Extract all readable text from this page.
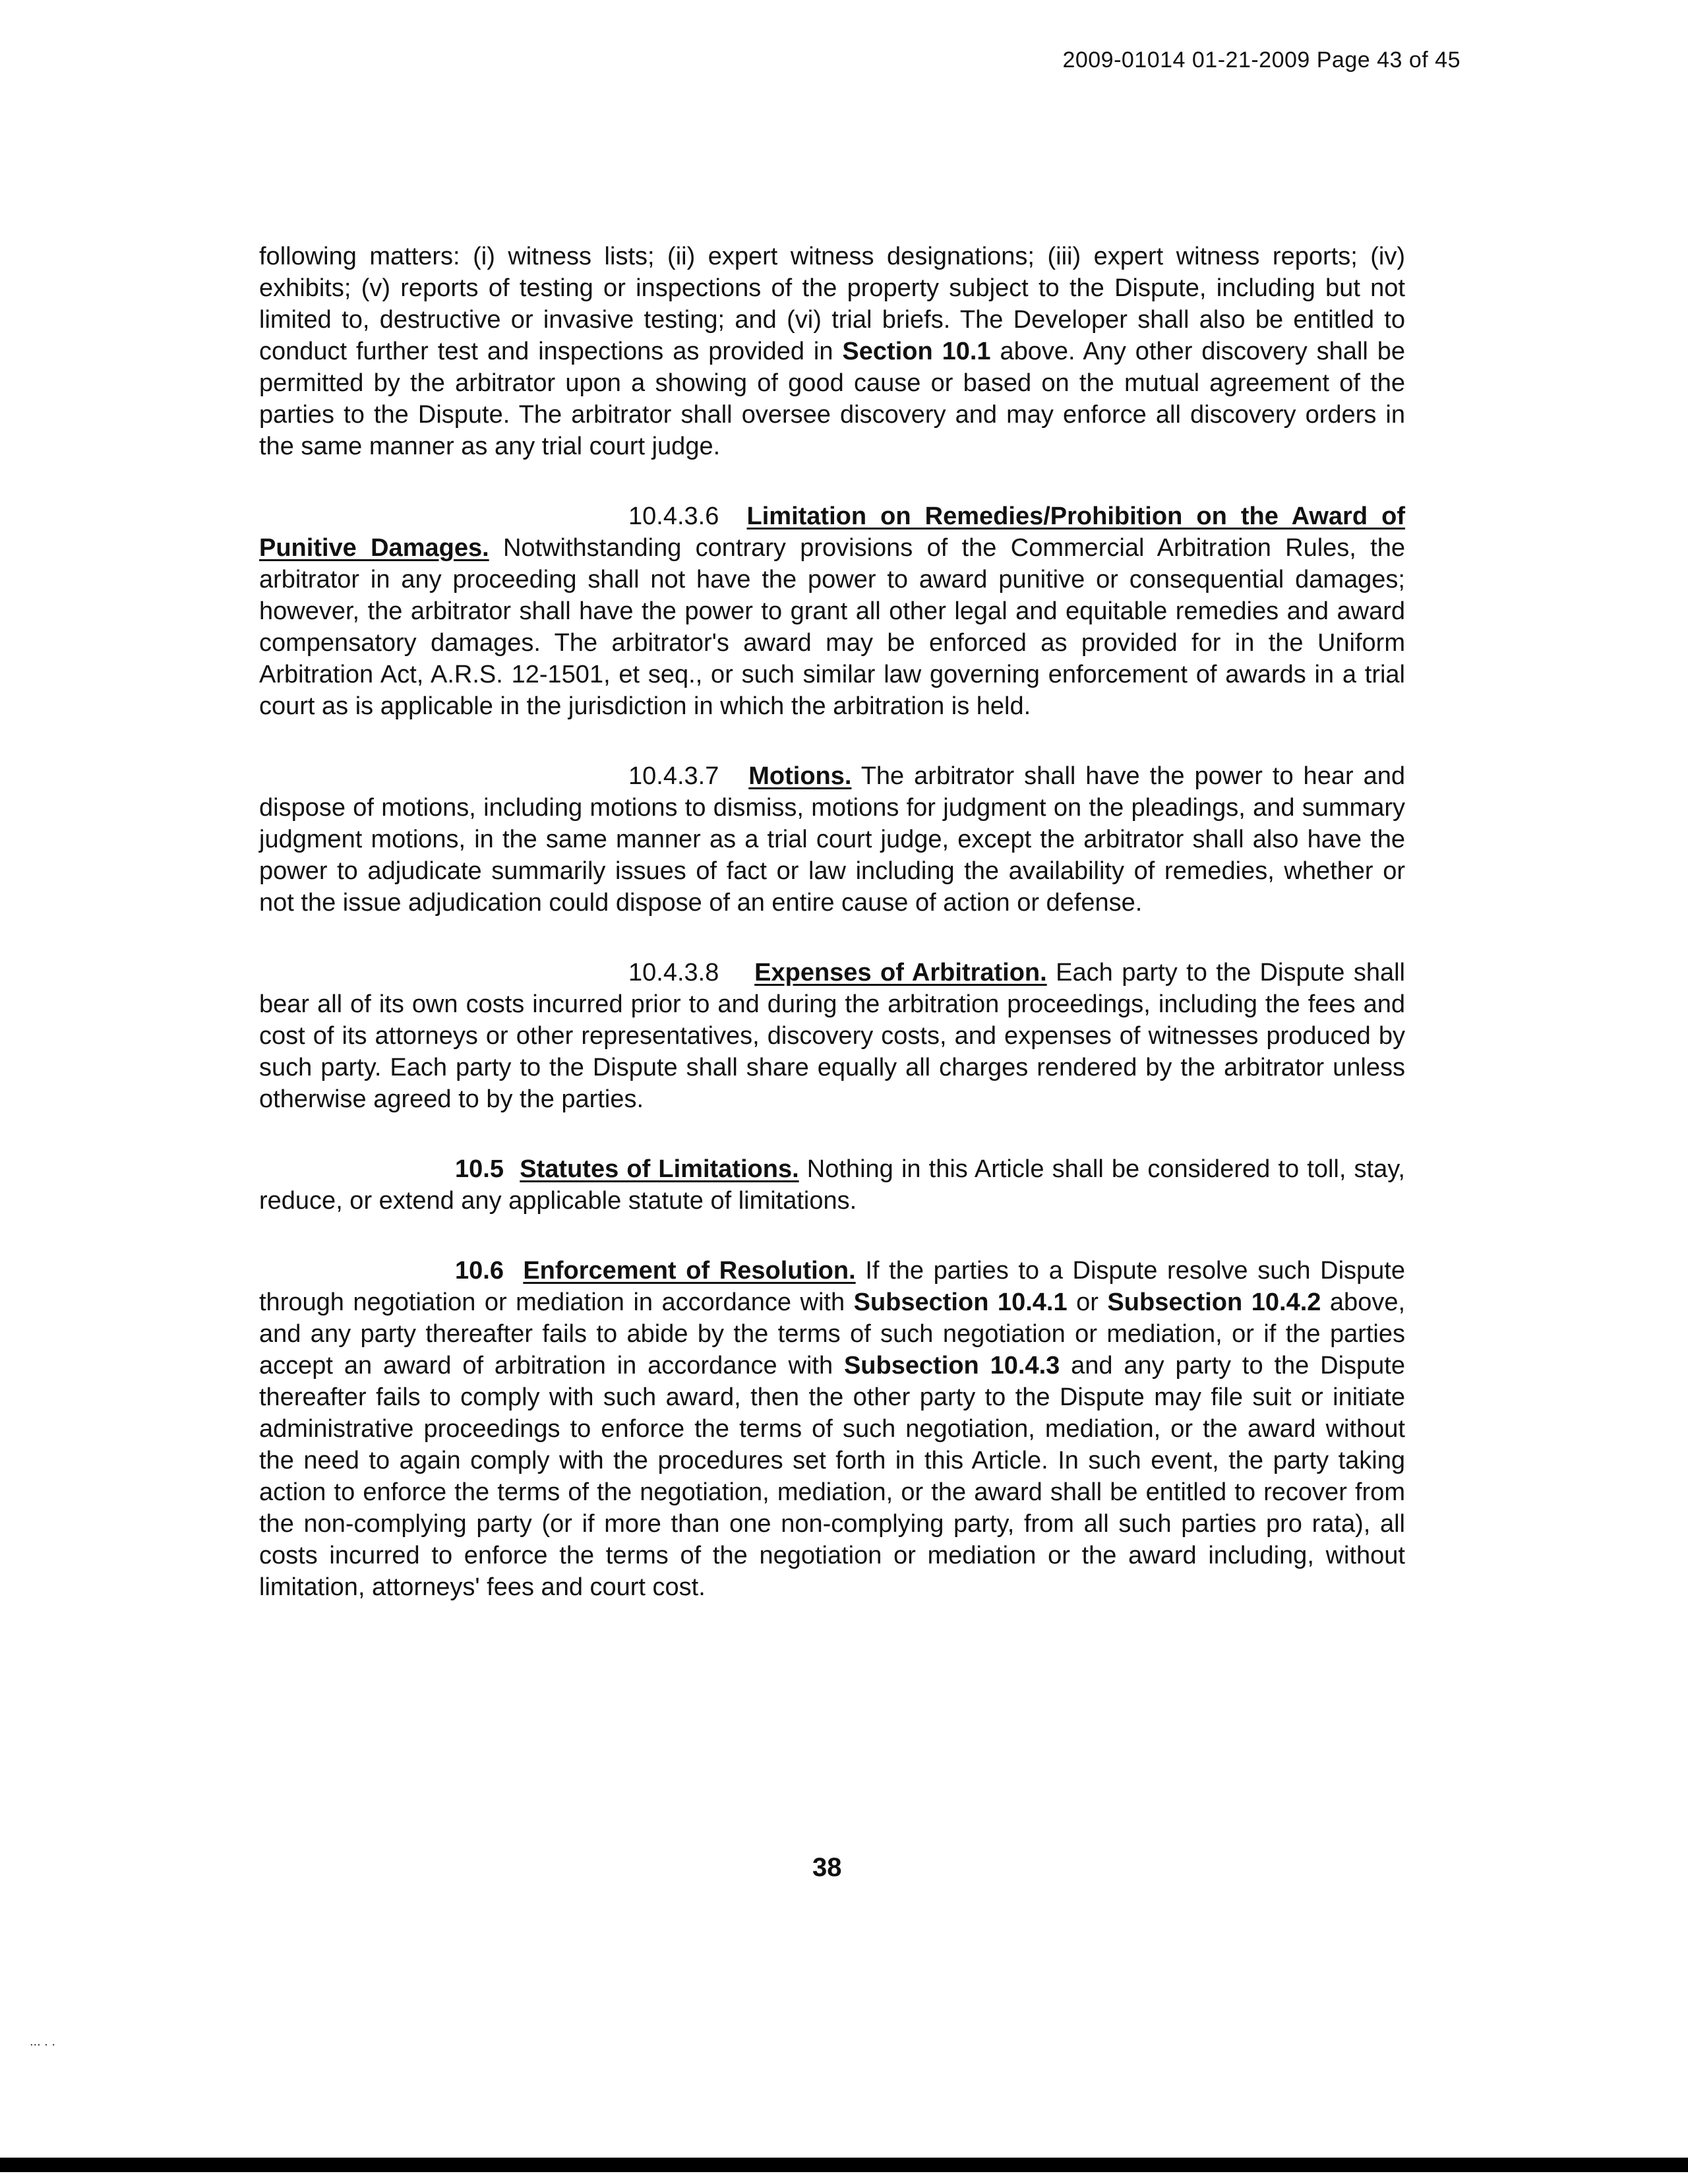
2009-01014 01-21-2009 Page 43 of 45

following matters: (i) witness lists; (ii) expert witness designations; (iii) expert witness reports; (iv) exhibits; (v) reports of testing or inspections of the property subject to the Dispute, including but not limited to, destructive or invasive testing; and (vi) trial briefs. The Developer shall also be entitled to conduct further test and inspections as provided in Section 10.1 above. Any other discovery shall be permitted by the arbitrator upon a showing of good cause or based on the mutual agreement of the parties to the Dispute. The arbitrator shall oversee discovery and may enforce all discovery orders in the same manner as any trial court judge.

10.4.3.6 Limitation on Remedies/Prohibition on the Award of Punitive Damages. Notwithstanding contrary provisions of the Commercial Arbitration Rules, the arbitrator in any proceeding shall not have the power to award punitive or consequential damages; however, the arbitrator shall have the power to grant all other legal and equitable remedies and award compensatory damages. The arbitrator's award may be enforced as provided for in the Uniform Arbitration Act, A.R.S. 12-1501, et seq., or such similar law governing enforcement of awards in a trial court as is applicable in the jurisdiction in which the arbitration is held.

10.4.3.7 Motions. The arbitrator shall have the power to hear and dispose of motions, including motions to dismiss, motions for judgment on the pleadings, and summary judgment motions, in the same manner as a trial court judge, except the arbitrator shall also have the power to adjudicate summarily issues of fact or law including the availability of remedies, whether or not the issue adjudication could dispose of an entire cause of action or defense.

10.4.3.8 Expenses of Arbitration. Each party to the Dispute shall bear all of its own costs incurred prior to and during the arbitration proceedings, including the fees and cost of its attorneys or other representatives, discovery costs, and expenses of witnesses produced by such party. Each party to the Dispute shall share equally all charges rendered by the arbitrator unless otherwise agreed to by the parties.

10.5 Statutes of Limitations. Nothing in this Article shall be considered to toll, stay, reduce, or extend any applicable statute of limitations.

10.6 Enforcement of Resolution. If the parties to a Dispute resolve such Dispute through negotiation or mediation in accordance with Subsection 10.4.1 or Subsection 10.4.2 above, and any party thereafter fails to abide by the terms of such negotiation or mediation, or if the parties accept an award of arbitration in accordance with Subsection 10.4.3 and any party to the Dispute thereafter fails to comply with such award, then the other party to the Dispute may file suit or initiate administrative proceedings to enforce the terms of such negotiation, mediation, or the award without the need to again comply with the procedures set forth in this Article. In such event, the party taking action to enforce the terms of the negotiation, mediation, or the award shall be entitled to recover from the non-complying party (or if more than one non-complying party, from all such parties pro rata), all costs incurred to enforce the terms of the negotiation or mediation or the award including, without limitation, attorneys' fees and court cost.

38
... . .
